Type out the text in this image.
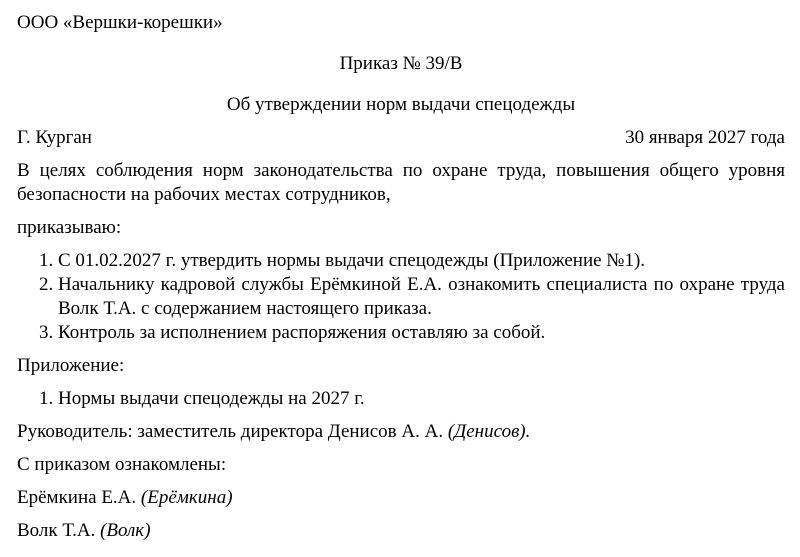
ООО «Вершки-корешки»

Приказ № 39/В

Об утверждении норм выдачи спецодежды

Г. Курган	30 января 2027 года

В целях соблюдения норм законодательства по охране труда, повышения общего уровня безопасности на рабочих местах сотрудников,

приказываю:

1. С 01.02.2027 г. утвердить нормы выдачи спецодежды (Приложение №1).
2. Начальнику кадровой службы Ерёмкиной Е.А. ознакомить специалиста по охране труда Волк Т.А. с содержанием настоящего приказа.
3. Контроль за исполнением распоряжения оставляю за собой.

Приложение:

1. Нормы выдачи спецодежды на 2027 г.

Руководитель: заместитель директора Денисов А. А. (Денисов).

С приказом ознакомлены:

Ерёмкина Е.А. (Ерёмкина)

Волк Т.А. (Волк)
